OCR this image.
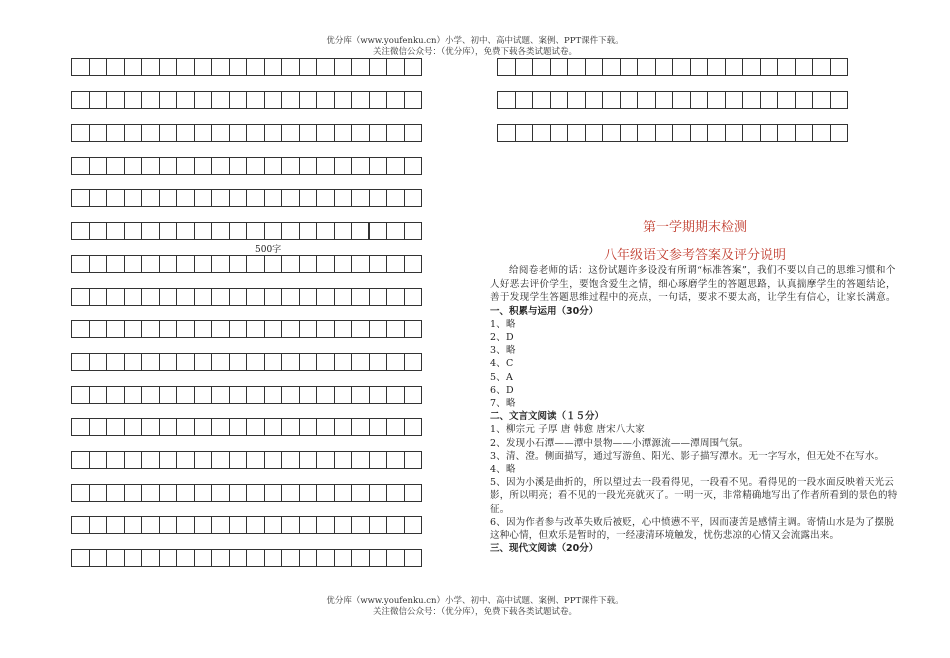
优分库（www.youfenku.cn）小学、初中、高中试题、案例、PPT课件下载。
关注微信公众号：（优分库），免费下载各类试题试卷。
500字
第一学期期末检测
八年级语文参考答案及评分说明

给阅卷老师的话：这份试题许多设没有所谓“标准答案”，我们不要以自己的思维习惯和个人好恶去评价学生，要饱含爱生之情，细心琢磨学生的答题思路，认真揣摩学生的答题结论，善于发现学生答题思维过程中的亮点，一句话，要求不要太高，让学生有信心，让家长满意。

一、积累与运用（30分）

1、略

2、D

3、略

4、C

5、A

6、D

7、略

二、文言文阅读（１５分）

1、柳宗元 子厚 唐 韩愈 唐宋八大家

2、发现小石潭——潭中景物——小潭源流——潭周围气氛。

3、清、澄。侧面描写，通过写游鱼、阳光、影子描写潭水。无一字写水，但无处不在写水。

4、略

5、因为小溪是曲折的，所以望过去一段看得见，一段看不见。看得见的一段水面反映着天光云影，所以明亮；看不见的一段光亮就灭了。一明一灭，非常精确地写出了作者所看到的景色的特征。

6、因为作者参与改革失败后被贬，心中愤懑不平，因而凄苦是感情主调。寄情山水是为了摆脱这种心情，但欢乐是暂时的，一经凄清环境触发，忧伤悲凉的心情又会流露出来。

三、现代文阅读（20分）

优分库（www.youfenku.cn）小学、初中、高中试题、案例、PPT课件下载。
关注微信公众号：（优分库），免费下载各类试题试卷。
